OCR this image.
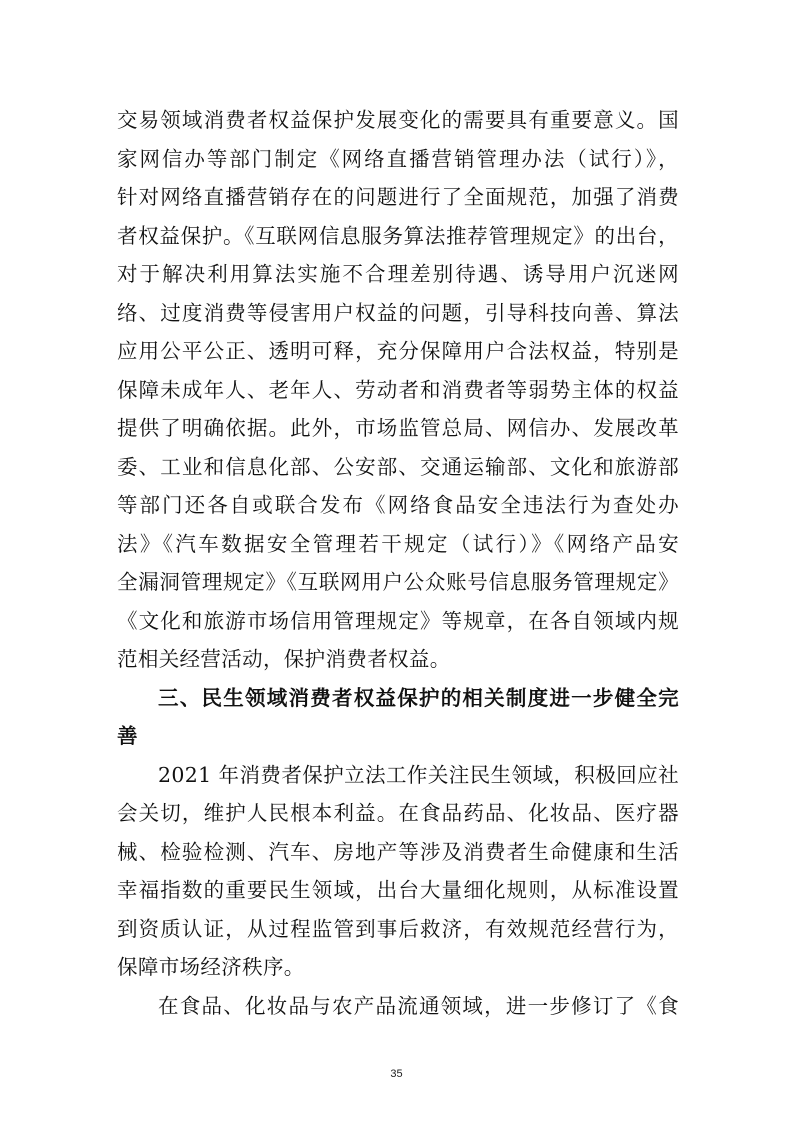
交易领域消费者权益保护发展变化的需要具有重要意义。国
家网信办等部门制定《网络直播营销管理办法（试行）》，
针对网络直播营销存在的问题进行了全面规范，加强了消费
者权益保护。《互联网信息服务算法推荐管理规定》的出台，
对于解决利用算法实施不合理差别待遇、诱导用户沉迷网
络、过度消费等侵害用户权益的问题，引导科技向善、算法
应用公平公正、透明可释，充分保障用户合法权益，特别是
保障未成年人、老年人、劳动者和消费者等弱势主体的权益
提供了明确依据。此外，市场监管总局、网信办、发展改革
委、工业和信息化部、公安部、交通运输部、文化和旅游部
等部门还各自或联合发布《网络食品安全违法行为查处办
法》《汽车数据安全管理若干规定（试行）》《网络产品安
全漏洞管理规定》《互联网用户公众账号信息服务管理规定》
《文化和旅游市场信用管理规定》等规章，在各自领域内规
范相关经营活动，保护消费者权益。
三、民生领域消费者权益保护的相关制度进一步健全完
善
2021 年消费者保护立法工作关注民生领域，积极回应社
会关切，维护人民根本利益。在食品药品、化妆品、医疗器
械、检验检测、汽车、房地产等涉及消费者生命健康和生活
幸福指数的重要民生领域，出台大量细化规则，从标准设置
到资质认证，从过程监管到事后救济，有效规范经营行为，
保障市场经济秩序。
在食品、化妆品与农产品流通领域，进一步修订了《食
35
